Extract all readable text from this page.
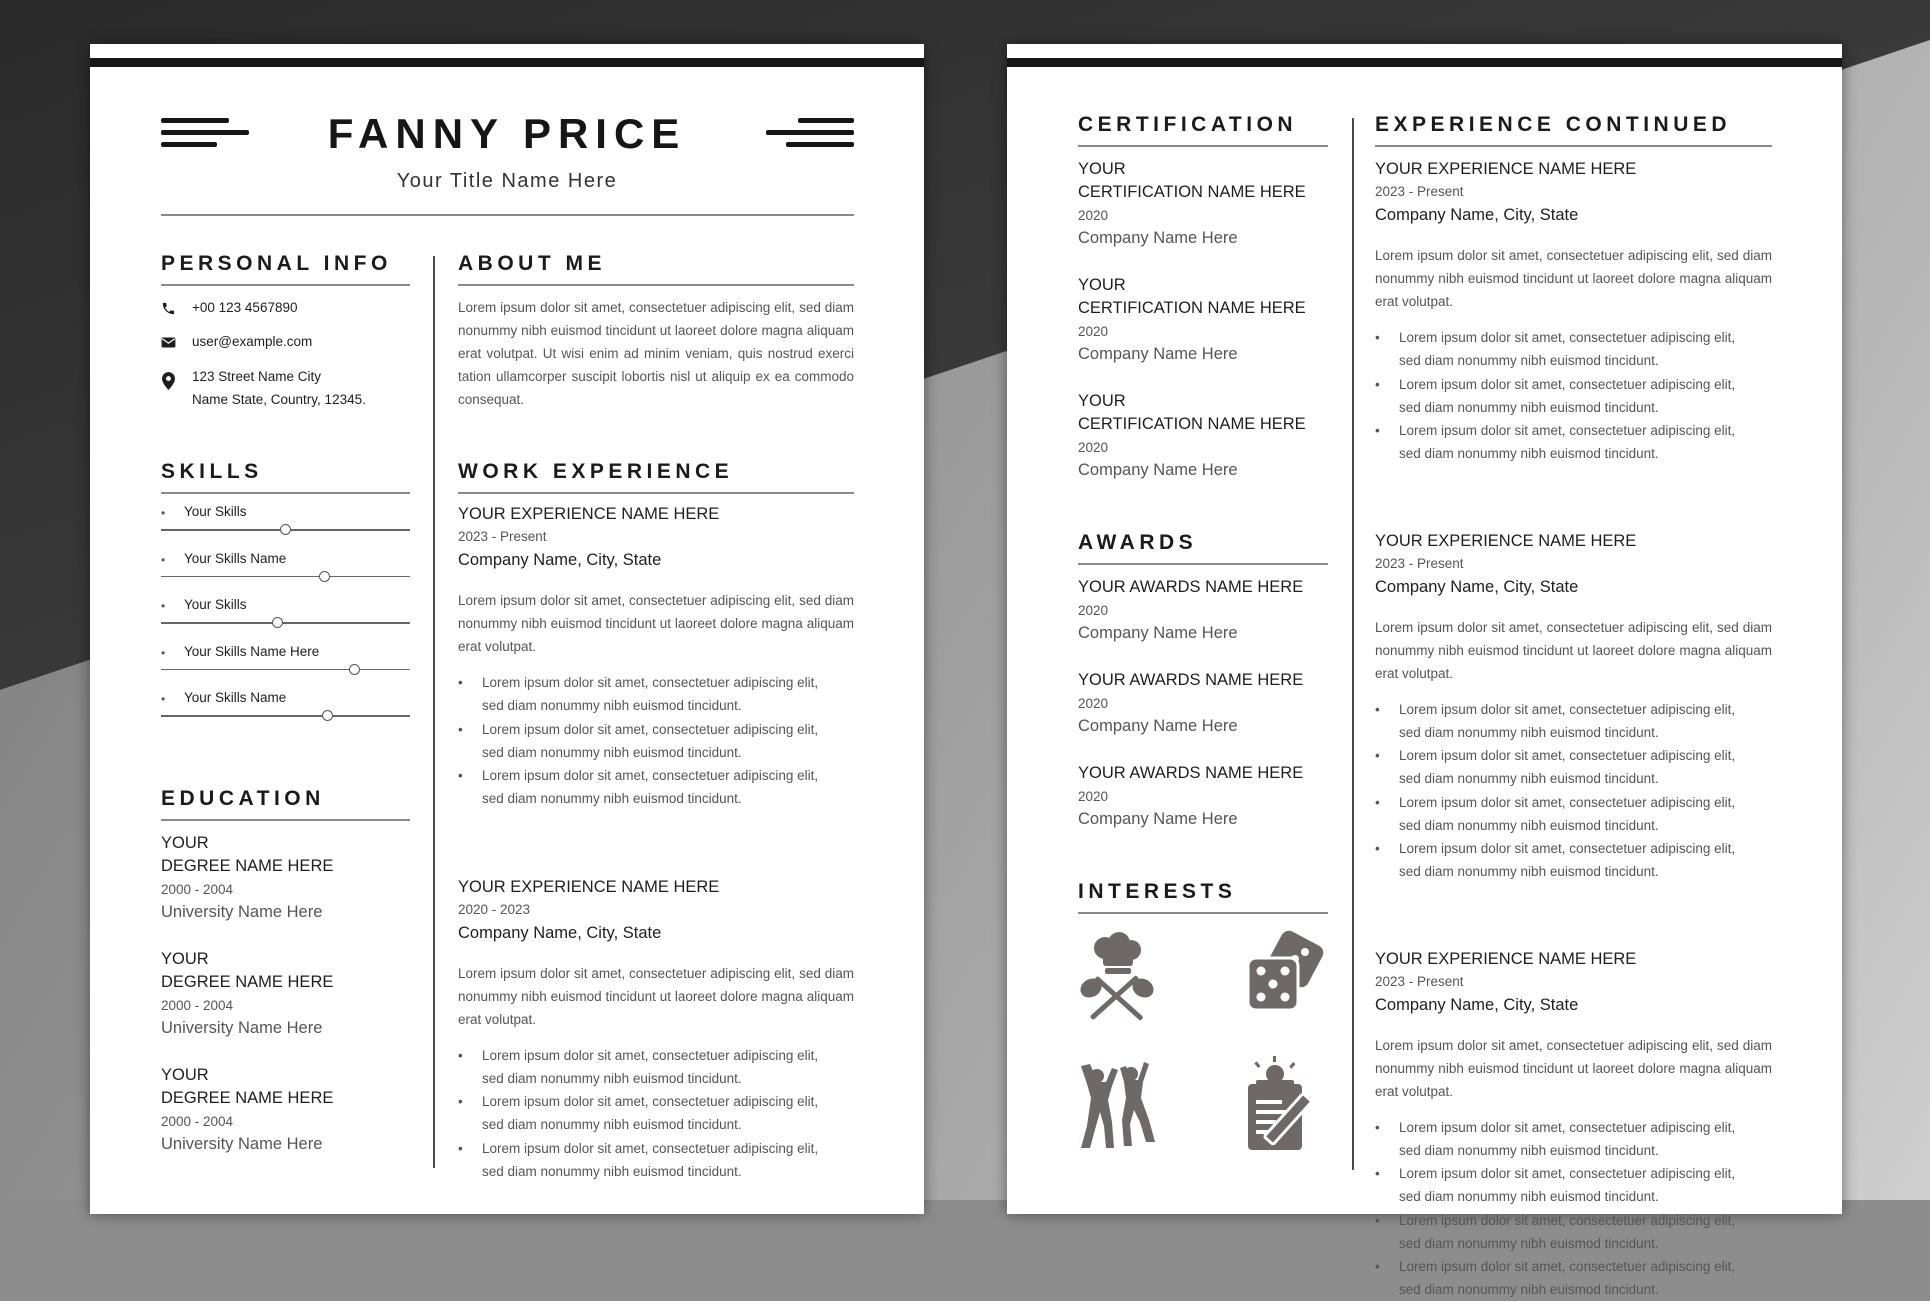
FANNY PRICE
Your Title Name Here
PERSONAL INFO
+00 123 4567890
user@example.com
123 Street Name City
Name State, Country, 12345.
SKILLS
• Your Skills
• Your Skills Name
• Your Skills
• Your Skills Name Here
• Your Skills Name
EDUCATION
YOUR
DEGREE NAME HERE
2000 - 2004
University Name Here
YOUR
DEGREE NAME HERE
2000 - 2004
University Name Here
YOUR
DEGREE NAME HERE
2000 - 2004
University Name Here
ABOUT ME
Lorem ipsum dolor sit amet, consectetuer adipiscing elit, sed diam nonummy nibh euismod tincidunt ut laoreet dolore magna aliquam erat volutpat. Ut wisi enim ad minim veniam, quis nostrud exerci tation ullamcorper suscipit lobortis nisl ut aliquip ex ea commodo consequat.
WORK EXPERIENCE
YOUR EXPERIENCE NAME HERE
2023 - Present
Company Name, City, State
Lorem ipsum dolor sit amet, consectetuer adipiscing elit, sed diam nonummy nibh euismod tincidunt ut laoreet dolore magna aliquam erat volutpat.
• Lorem ipsum dolor sit amet, consectetuer adipiscing elit, sed diam nonummy nibh euismod tincidunt.
• Lorem ipsum dolor sit amet, consectetuer adipiscing elit, sed diam nonummy nibh euismod tincidunt.
• Lorem ipsum dolor sit amet, consectetuer adipiscing elit, sed diam nonummy nibh euismod tincidunt.
YOUR EXPERIENCE NAME HERE
2020 - 2023
Company Name, City, State
Lorem ipsum dolor sit amet, consectetuer adipiscing elit, sed diam nonummy nibh euismod tincidunt ut laoreet dolore magna aliquam erat volutpat.
• Lorem ipsum dolor sit amet, consectetuer adipiscing elit, sed diam nonummy nibh euismod tincidunt.
• Lorem ipsum dolor sit amet, consectetuer adipiscing elit, sed diam nonummy nibh euismod tincidunt.
• Lorem ipsum dolor sit amet, consectetuer adipiscing elit, sed diam nonummy nibh euismod tincidunt.
CERTIFICATION
YOUR
CERTIFICATION NAME HERE
2020
Company Name Here
YOUR
CERTIFICATION NAME HERE
2020
Company Name Here
YOUR
CERTIFICATION NAME HERE
2020
Company Name Here
AWARDS
YOUR AWARDS NAME HERE
2020
Company Name Here
YOUR AWARDS NAME HERE
2020
Company Name Here
YOUR AWARDS NAME HERE
2020
Company Name Here
INTERESTS
EXPERIENCE CONTINUED
YOUR EXPERIENCE NAME HERE
2023 - Present
Company Name, City, State
Lorem ipsum dolor sit amet, consectetuer adipiscing elit, sed diam nonummy nibh euismod tincidunt ut laoreet dolore magna aliquam erat volutpat.
• Lorem ipsum dolor sit amet, consectetuer adipiscing elit, sed diam nonummy nibh euismod tincidunt.
• Lorem ipsum dolor sit amet, consectetuer adipiscing elit, sed diam nonummy nibh euismod tincidunt.
• Lorem ipsum dolor sit amet, consectetuer adipiscing elit, sed diam nonummy nibh euismod tincidunt.
YOUR EXPERIENCE NAME HERE
2023 - Present
Company Name, City, State
Lorem ipsum dolor sit amet, consectetuer adipiscing elit, sed diam nonummy nibh euismod tincidunt ut laoreet dolore magna aliquam erat volutpat.
• Lorem ipsum dolor sit amet, consectetuer adipiscing elit, sed diam nonummy nibh euismod tincidunt.
• Lorem ipsum dolor sit amet, consectetuer adipiscing elit, sed diam nonummy nibh euismod tincidunt.
• Lorem ipsum dolor sit amet, consectetuer adipiscing elit, sed diam nonummy nibh euismod tincidunt.
• Lorem ipsum dolor sit amet, consectetuer adipiscing elit, sed diam nonummy nibh euismod tincidunt.
YOUR EXPERIENCE NAME HERE
2023 - Present
Company Name, City, State
Lorem ipsum dolor sit amet, consectetuer adipiscing elit, sed diam nonummy nibh euismod tincidunt ut laoreet dolore magna aliquam erat volutpat.
• Lorem ipsum dolor sit amet, consectetuer adipiscing elit, sed diam nonummy nibh euismod tincidunt.
• Lorem ipsum dolor sit amet, consectetuer adipiscing elit, sed diam nonummy nibh euismod tincidunt.
• Lorem ipsum dolor sit amet, consectetuer adipiscing elit, sed diam nonummy nibh euismod tincidunt.
• Lorem ipsum dolor sit amet, consectetuer adipiscing elit, sed diam nonummy nibh euismod tincidunt.
